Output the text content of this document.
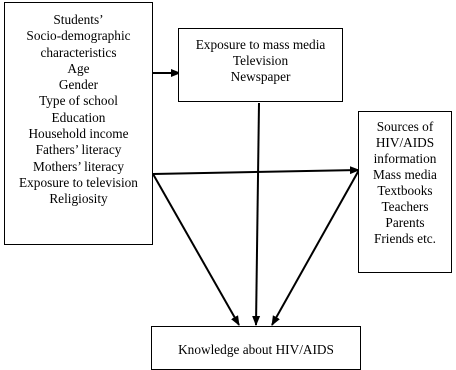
Students’
Socio-demographic
characteristics
Age
Gender
Type of school
Education
Household income
Fathers’ literacy
Mothers’ literacy
Exposure to television
Religiosity
Exposure to mass media
Television
Newspaper
Sources of
HIV/AIDS
information
Mass media
Textbooks
Teachers
Parents
Friends etc.
Knowledge about HIV/AIDS
